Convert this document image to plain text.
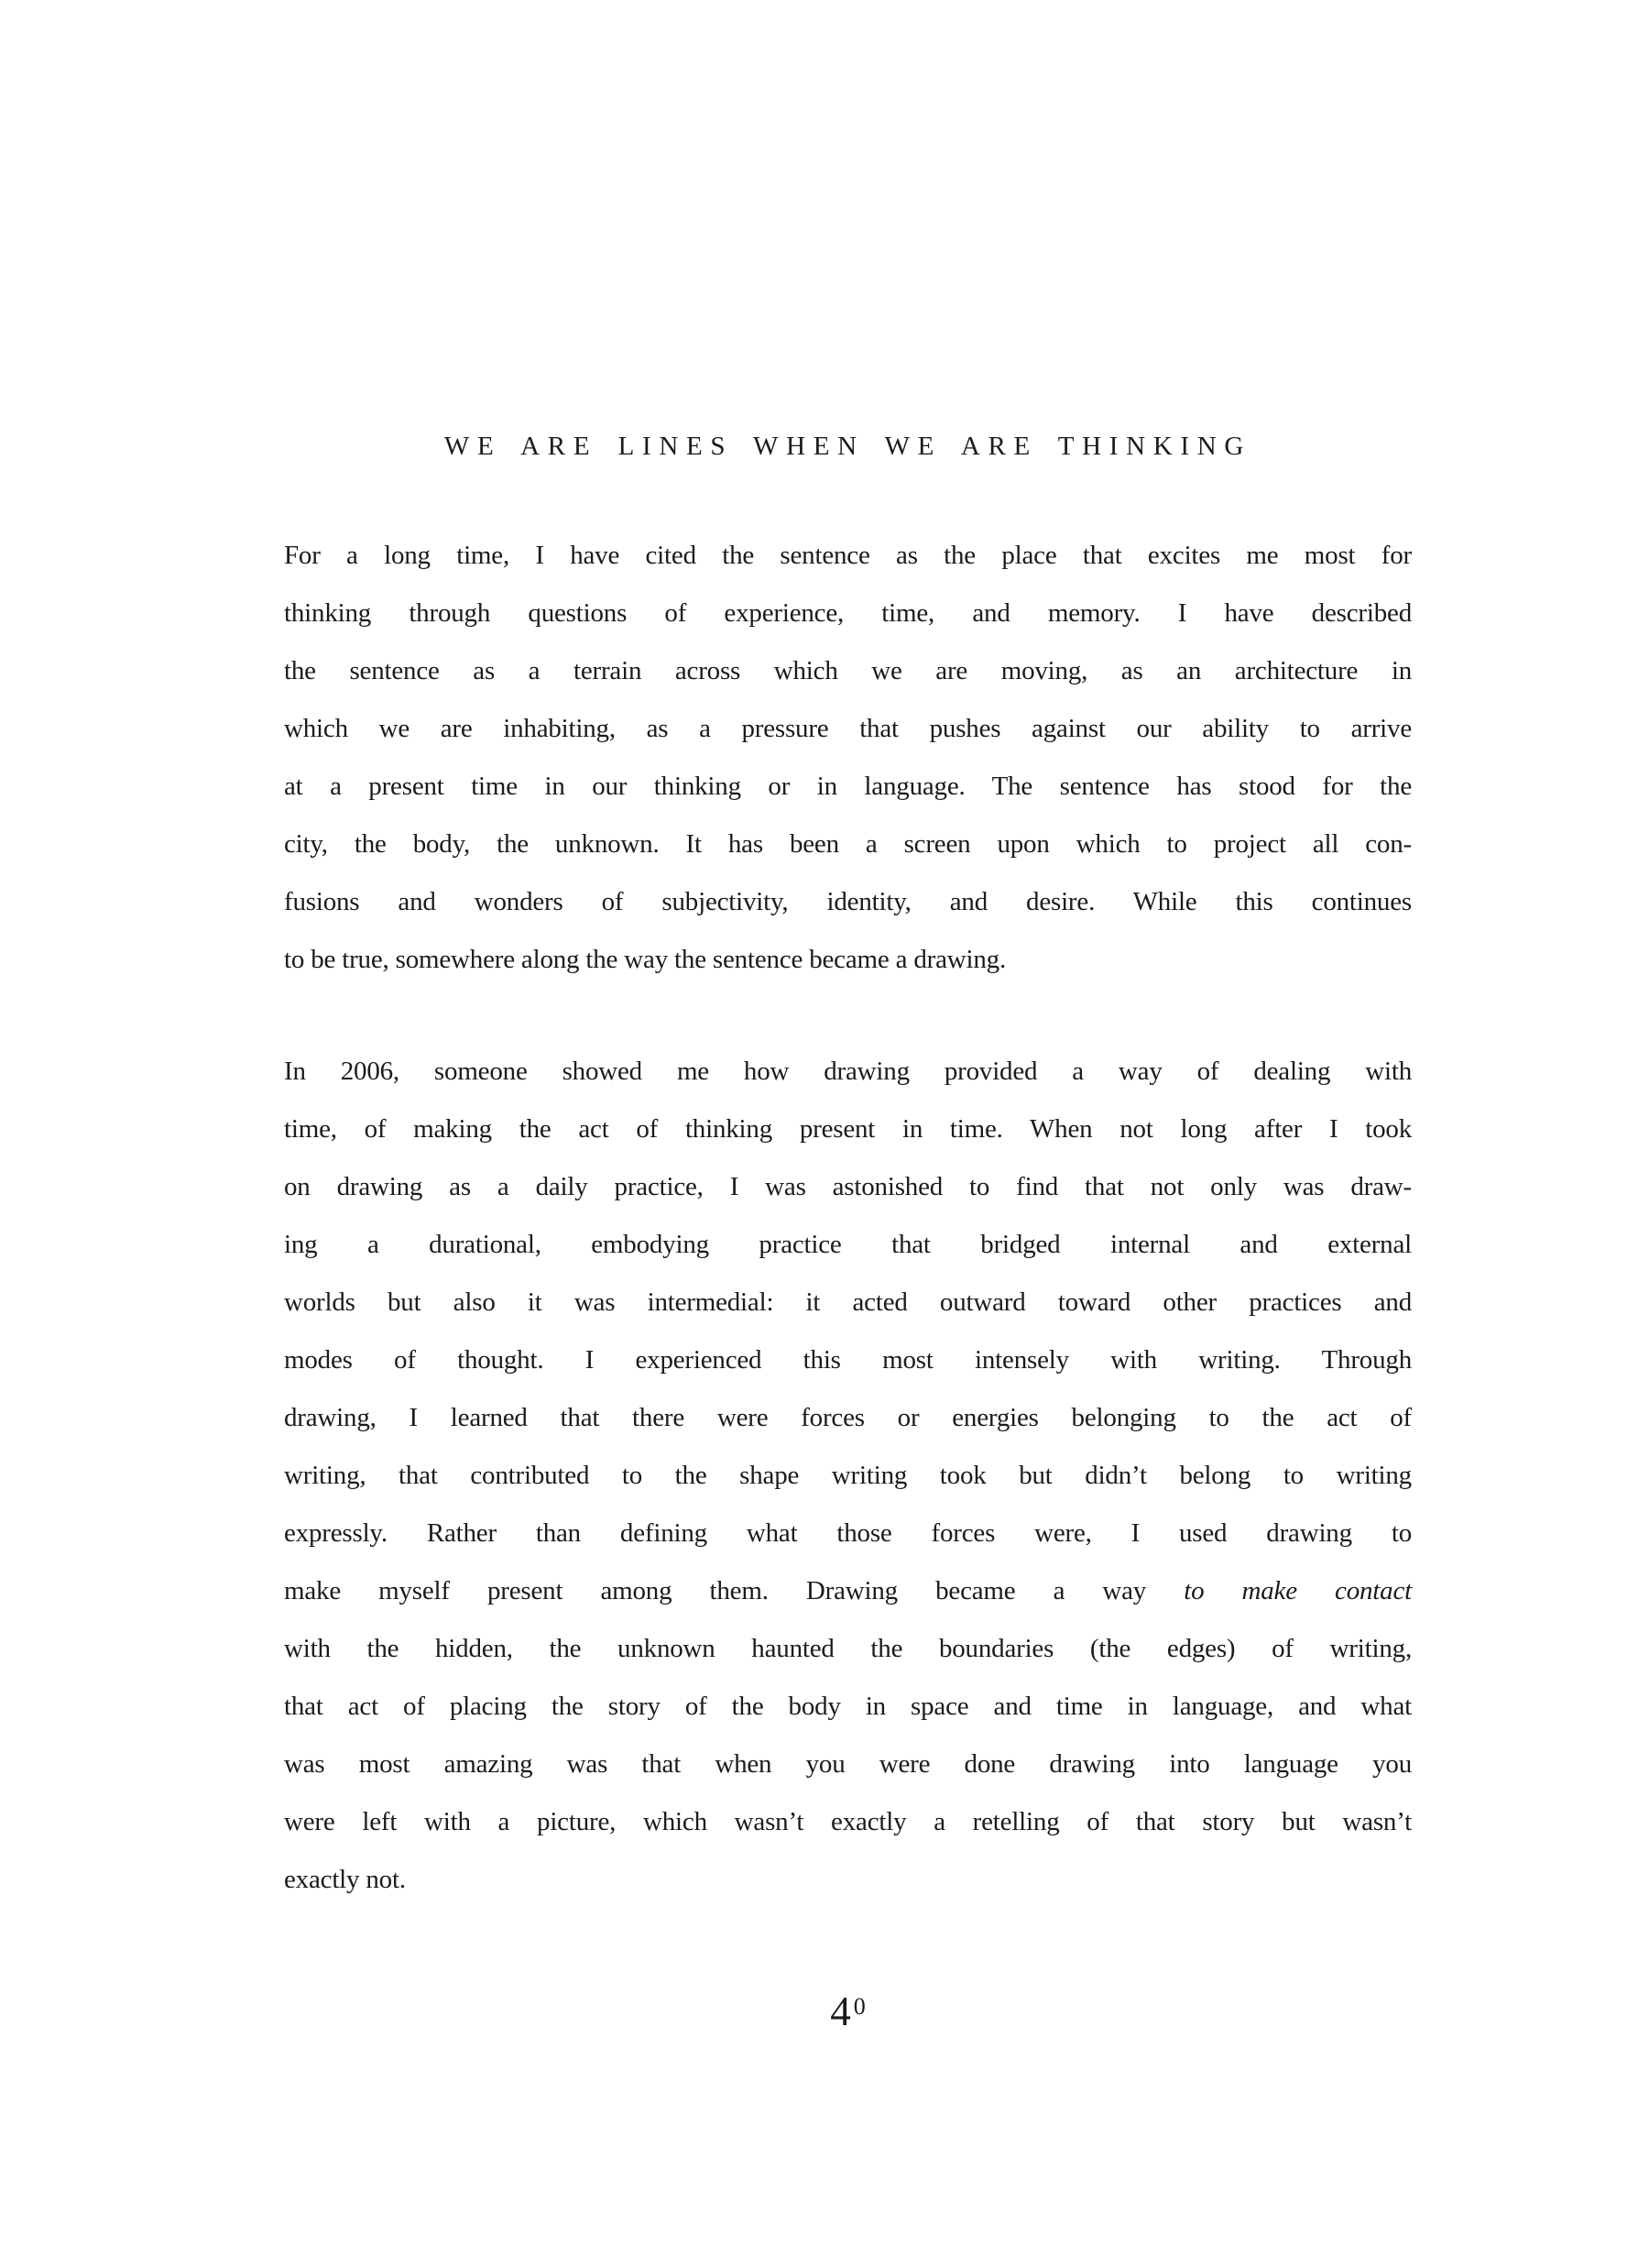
WE ARE LINES WHEN WE ARE THINKING
For a long time, I have cited the sentence as the place that excites me most for
thinking through questions of experience, time, and memory. I have described
the sentence as a terrain across which we are moving, as an architecture in
which we are inhabiting, as a pressure that pushes against our ability to arrive
at a present time in our thinking or in language. The sentence has stood for the
city, the body, the unknown. It has been a screen upon which to project all con-
fusions and wonders of subjectivity, identity, and desire. While this continues
to be true, somewhere along the way the sentence became a drawing.
In 2006, someone showed me how drawing provided a way of dealing with
time, of making the act of thinking present in time. When not long after I took
on drawing as a daily practice, I was astonished to find that not only was draw-
ing a durational, embodying practice that bridged internal and external
worlds but also it was intermedial: it acted outward toward other practices and
modes of thought. I experienced this most intensely with writing. Through
drawing, I learned that there were forces or energies belonging to the act of
writing, that contributed to the shape writing took but didn’t belong to writing
expressly. Rather than defining what those forces were, I used drawing to
make myself present among them. Drawing became a way to make contact
with the hidden, the unknown haunted the boundaries (the edges) of writing,
that act of placing the story of the body in space and time in language, and what
was most amazing was that when you were done drawing into language you
were left with a picture, which wasn’t exactly a retelling of that story but wasn’t
exactly not.
40
